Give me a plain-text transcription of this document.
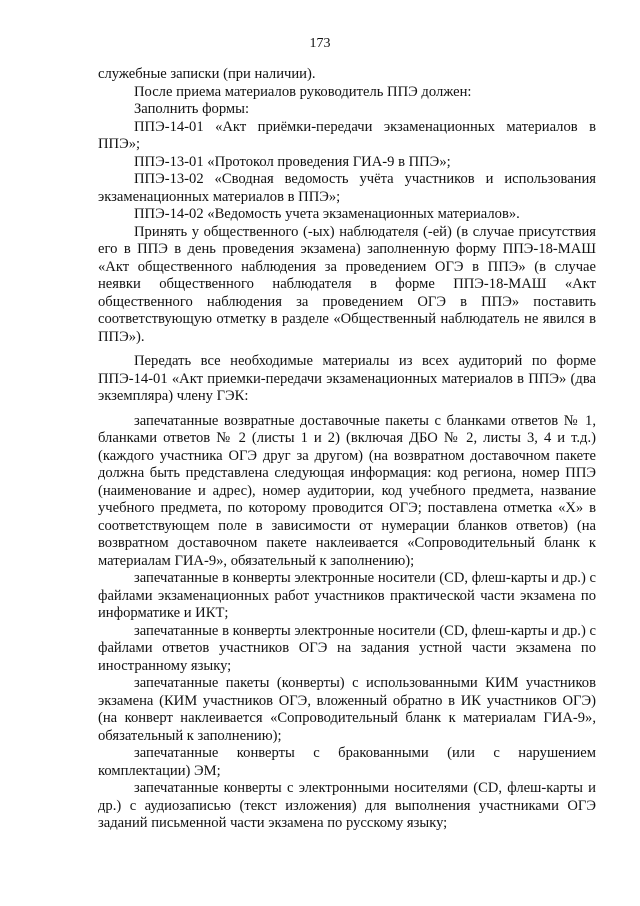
173

служебные записки (при наличии).

После приема материалов руководитель ППЭ должен:

Заполнить формы:

ППЭ-14-01 «Акт приёмки-передачи экзаменационных материалов в ППЭ»;

ППЭ-13-01 «Протокол проведения ГИА-9 в ППЭ»;

ППЭ-13-02 «Сводная ведомость учёта участников и использования экзаменационных материалов в ППЭ»;

ППЭ-14-02 «Ведомость учета экзаменационных материалов».

Принять у общественного (-ых) наблюдателя (-ей) (в случае присутствия его в ППЭ в день проведения экзамена) заполненную форму ППЭ-18-МАШ «Акт общественного наблюдения за проведением ОГЭ в ППЭ» (в случае неявки общественного наблюдателя в форме ППЭ-18-МАШ «Акт общественного наблюдения за проведением ОГЭ в ППЭ» поставить соответствующую отметку в разделе «Общественный наблюдатель не явился в ППЭ»).

Передать все необходимые материалы из всех аудиторий по форме ППЭ-14-01 «Акт приемки-передачи экзаменационных материалов в ППЭ» (два экземпляра) члену ГЭК:

запечатанные возвратные доставочные пакеты с бланками ответов № 1, бланками ответов № 2 (листы 1 и 2) (включая ДБО № 2, листы 3, 4 и т.д.) (каждого участника ОГЭ друг за другом) (на возвратном доставочном пакете должна быть представлена следующая информация: код региона, номер ППЭ (наименование и адрес), номер аудитории, код учебного предмета, название учебного предмета, по которому проводится ОГЭ; поставлена отметка «Х» в соответствующем поле в зависимости от нумерации бланков ответов) (на возвратном доставочном пакете наклеивается «Сопроводительный бланк к материалам ГИА-9», обязательный к заполнению);

запечатанные в конверты электронные носители (CD, флеш-карты и др.) с файлами экзаменационных работ участников практической части экзамена по информатике и ИКТ;

запечатанные в конверты электронные носители (CD, флеш-карты и др.) с файлами ответов участников ОГЭ на задания устной части экзамена по иностранному языку;

запечатанные пакеты (конверты) с использованными КИМ участников экзамена (КИМ участников ОГЭ, вложенный обратно в ИК участников ОГЭ) (на конверт наклеивается «Сопроводительный бланк к материалам ГИА-9», обязательный к заполнению);

запечатанные конверты с бракованными (или с нарушением комплектации) ЭМ;

запечатанные конверты с электронными носителями (CD, флеш-карты и др.) с аудиозаписью (текст изложения) для выполнения участниками ОГЭ заданий письменной части экзамена по русскому языку;
